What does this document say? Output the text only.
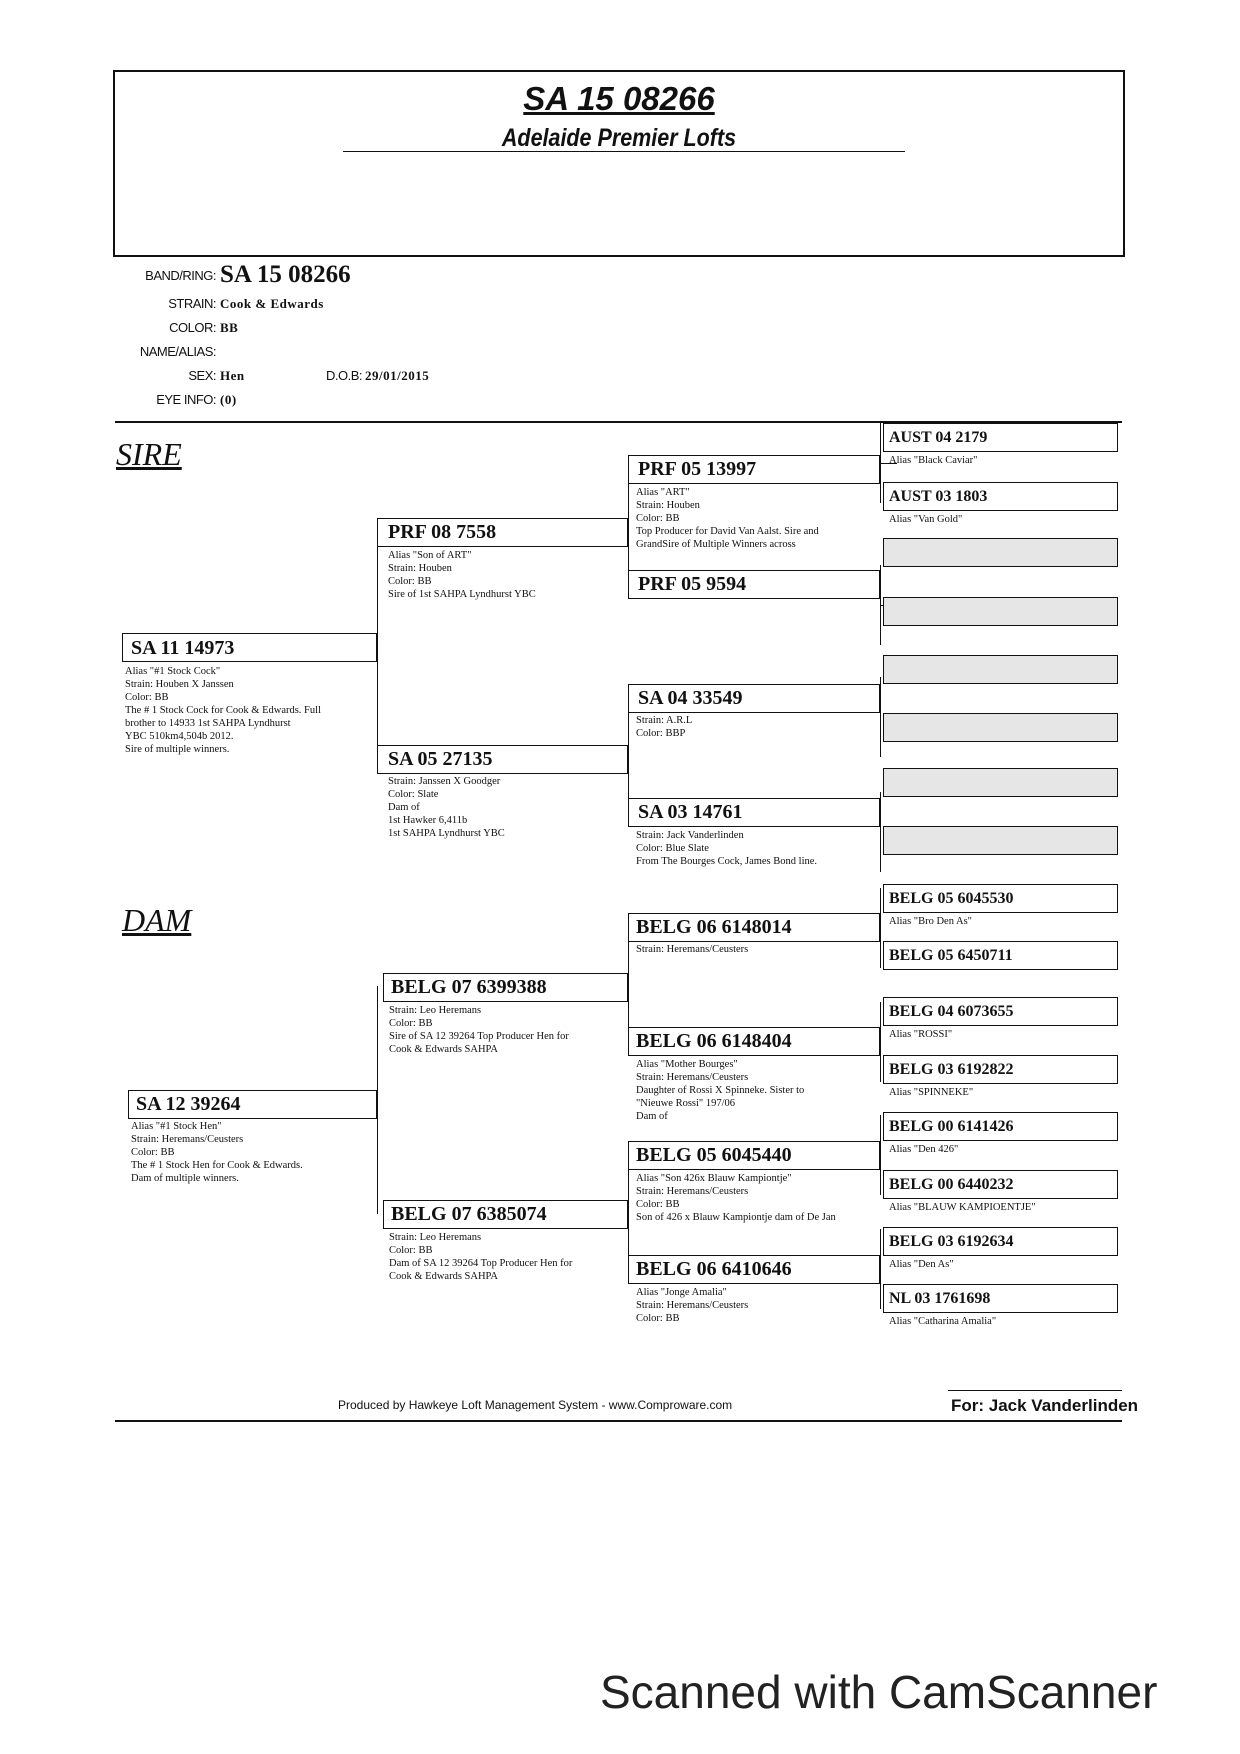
SA 15 08266
Adelaide Premier Lofts
BAND/RING: SA 15 08266
STRAIN: Cook & Edwards
COLOR: BB
NAME/ALIAS:
SEX: Hen	D.O.B: 29/01/2015
EYE INFO: (0)
SIRE
DAM
SA 11 14973
Alias "#1 Stock Cock"
Strain: Houben X Janssen
Color: BB
The # 1 Stock Cock for Cook & Edwards. Full
brother to 14933 1st SAHPA Lyndhurst
YBC 510km4,504b 2012.
Sire of multiple winners.
PRF 08 7558
Alias "Son of ART"
Strain: Houben
Color: BB
Sire of 1st SAHPA Lyndhurst YBC
SA 05 27135
Strain: Janssen X Goodger
Color: Slate
Dam of
1st Hawker 6,411b
1st SAHPA Lyndhurst YBC
PRF 05 13997
Alias "ART"
Strain: Houben
Color: BB
Top Producer for David Van Aalst. Sire and
GrandSire of Multiple Winners across
PRF 05 9594
SA 04 33549
Strain: A.R.L
Color: BBP
SA 03 14761
Strain: Jack Vanderlinden
Color: Blue Slate
From The Bourges Cock, James Bond line.
SA 12 39264
Alias "#1 Stock Hen"
Strain: Heremans/Ceusters
Color: BB
The # 1 Stock Hen for Cook & Edwards.
Dam of multiple winners.
BELG 07 6399388
Strain: Leo Heremans
Color: BB
Sire of SA 12 39264 Top Producer Hen for
Cook & Edwards SAHPA
BELG 07 6385074
Strain: Leo Heremans
Color: BB
Dam of SA 12 39264 Top Producer Hen for
Cook & Edwards SAHPA
BELG 06 6148014
Strain: Heremans/Ceusters
BELG 06 6148404
Alias "Mother Bourges"
Strain: Heremans/Ceusters
Daughter of Rossi X Spinneke. Sister to
"Nieuwe Rossi" 197/06
Dam of
BELG 05 6045440
Alias "Son 426x Blauw Kampiontje"
Strain: Heremans/Ceusters
Color: BB
Son of 426 x Blauw Kampiontje dam of De Jan
BELG 06 6410646
Alias "Jonge Amalia"
Strain: Heremans/Ceusters
Color: BB
AUST 04 2179
Alias "Black Caviar"
AUST 03 1803
Alias "Van Gold"
BELG 05 6045530
Alias "Bro Den As"
BELG 05 6450711
BELG 04 6073655
Alias "ROSSI"
BELG 03 6192822
Alias "SPINNEKE"
BELG 00 6141426
Alias "Den 426"
BELG 00 6440232
Alias "BLAUW KAMPIOENTJE"
BELG 03 6192634
Alias "Den As"
NL 03 1761698
Alias "Catharina Amalia"
Produced by Hawkeye Loft Management System - www.Comproware.com	For: Jack Vanderlinden
Scanned with CamScanner
